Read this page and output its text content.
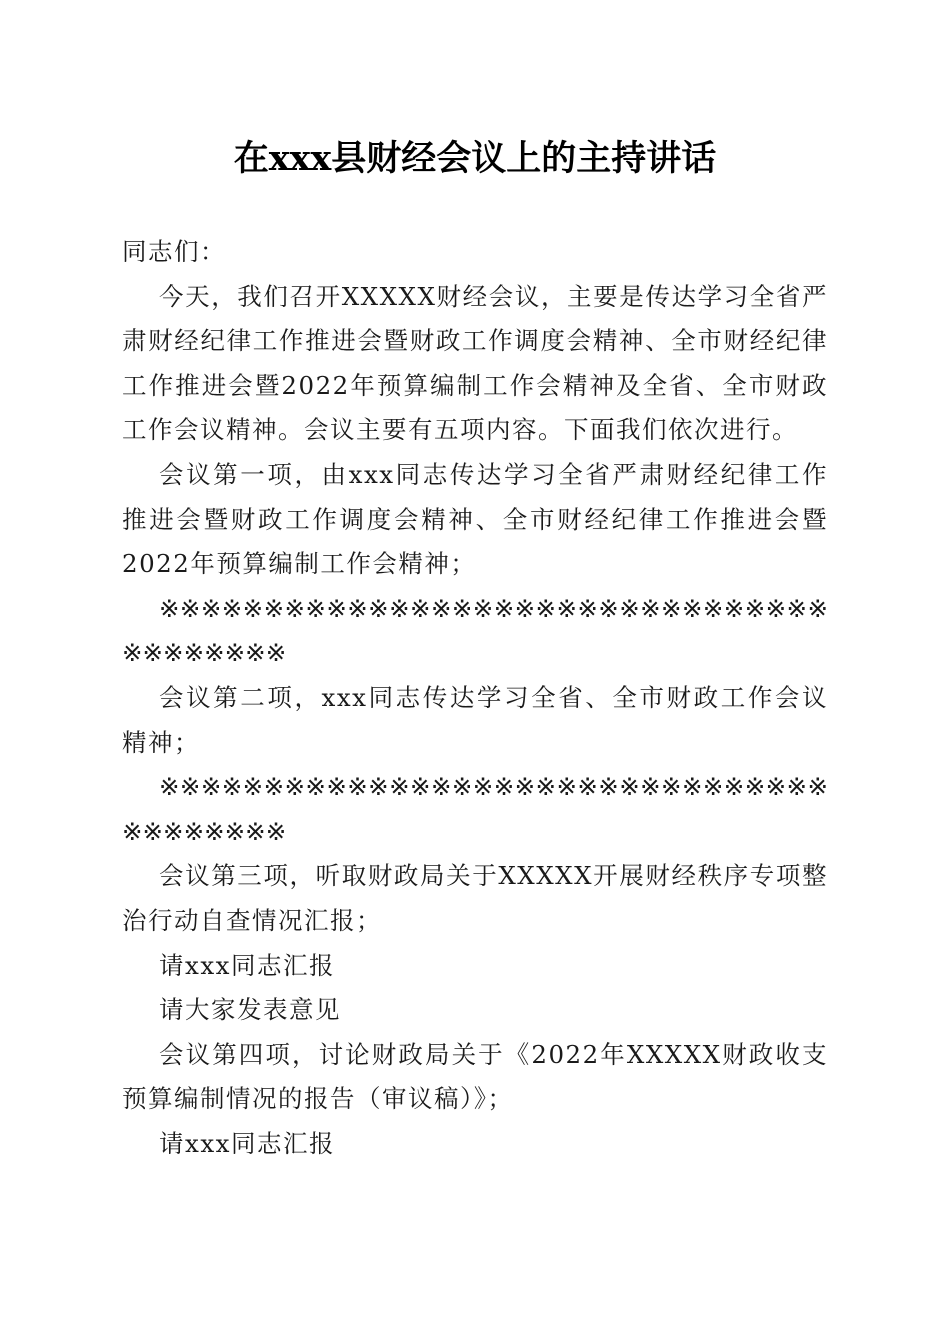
在xxx县财经会议上的主持讲话

同志们：

今天，我们召开XXXXX财经会议，主要是传达学习全省严肃财经纪律工作推进会暨财政工作调度会精神、全市财经纪律工作推进会暨2022年预算编制工作会精神及全省、全市财政工作会议精神。会议主要有五项内容。下面我们依次进行。

会议第一项，由xxx同志传达学习全省严肃财经纪律工作推进会暨财政工作调度会精神、全市财经纪律工作推进会暨2022年预算编制工作会精神；

※※※※※※※※※※※※※※※※※※※※※※※※※※※※※※※※※※※※※※※※

会议第二项，xxx同志传达学习全省、全市财政工作会议精神；

※※※※※※※※※※※※※※※※※※※※※※※※※※※※※※※※※※※※※※※※

会议第三项，听取财政局关于XXXXX开展财经秩序专项整治行动自查情况汇报；

请xxx同志汇报

请大家发表意见

会议第四项，讨论财政局关于《2022年XXXXX财政收支预算编制情况的报告（审议稿）》；

请xxx同志汇报
